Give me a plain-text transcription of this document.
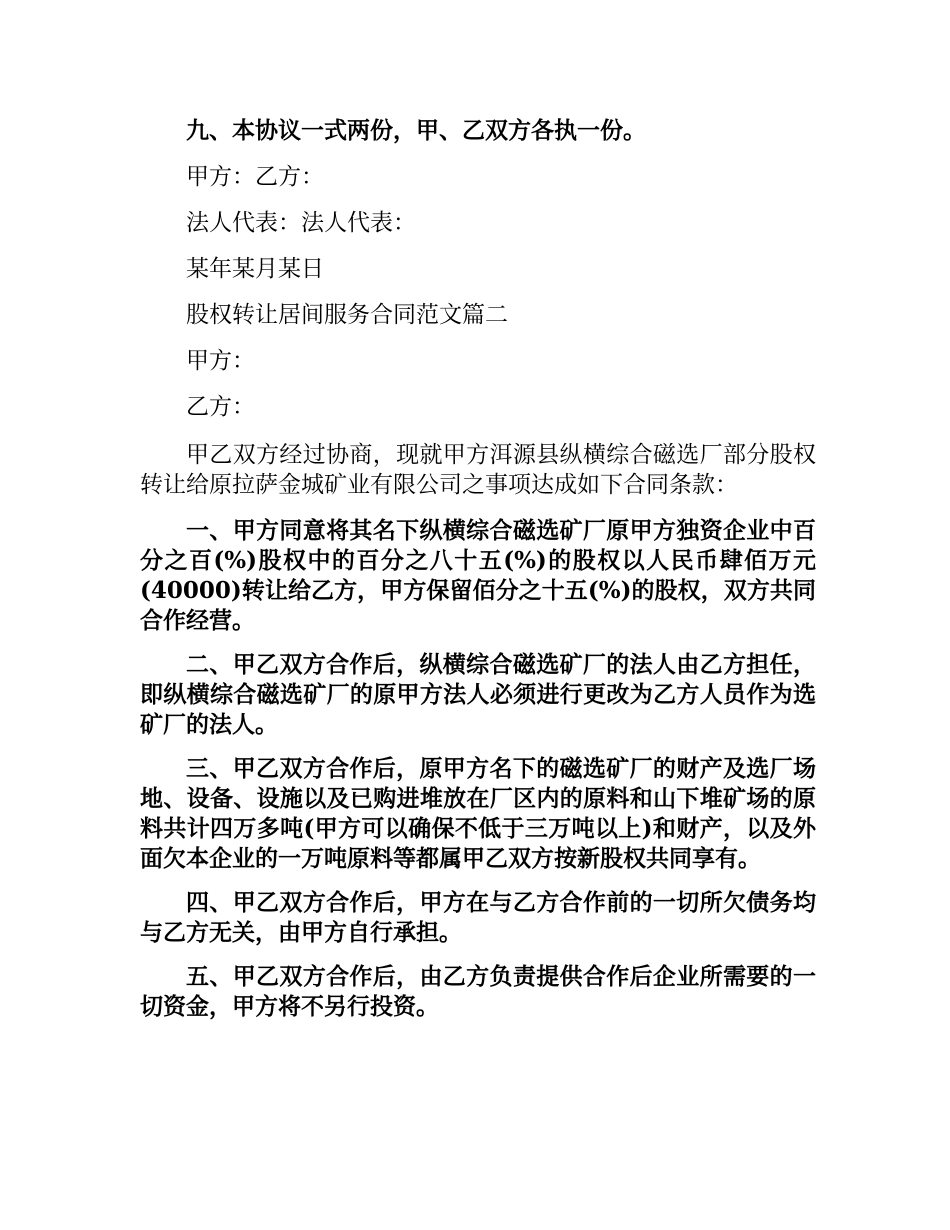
九、本协议一式两份，甲、乙双方各执一份。
甲方：乙方：
法人代表：法人代表：
某年某月某日
股权转让居间服务合同范文篇二
甲方：
乙方：

甲乙双方经过协商，现就甲方洱源县纵横综合磁选厂部分股权转让给原拉萨金城矿业有限公司之事项达成如下合同条款：

一、甲方同意将其名下纵横综合磁选矿厂原甲方独资企业中百分之百(%)股权中的百分之八十五(%)的股权以人民币肆佰万元(40000)转让给乙方，甲方保留佰分之十五(%)的股权，双方共同合作经营。

二、甲乙双方合作后，纵横综合磁选矿厂的法人由乙方担任，即纵横综合磁选矿厂的原甲方法人必须进行更改为乙方人员作为选矿厂的法人。

三、甲乙双方合作后，原甲方名下的磁选矿厂的财产及选厂场地、设备、设施以及已购进堆放在厂区内的原料和山下堆矿场的原料共计四万多吨(甲方可以确保不低于三万吨以上)和财产，以及外面欠本企业的一万吨原料等都属甲乙双方按新股权共同享有。

四、甲乙双方合作后，甲方在与乙方合作前的一切所欠债务均与乙方无关，由甲方自行承担。

五、甲乙双方合作后，由乙方负责提供合作后企业所需要的一切资金，甲方将不另行投资。
